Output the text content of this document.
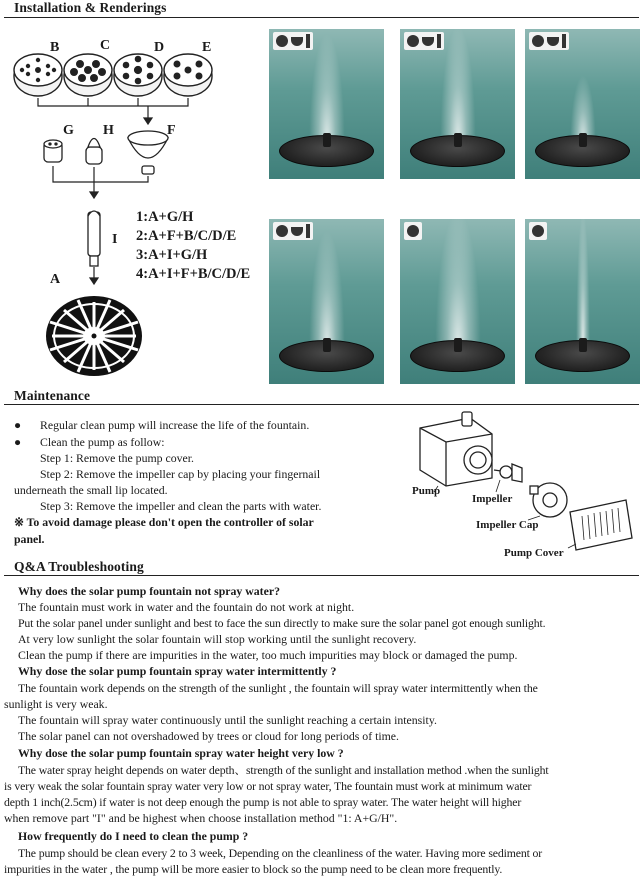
Installation & Renderings
B	C	D	E
G H	F
I
A
1:A+G/H
2:A+F+B/C/D/E
3:A+I+G/H
4:A+I+F+B/C/D/E
Maintenance
● Regular clean pump will increase the life of the fountain.
● Clean the pump as follow:
Step 1: Remove the pump cover.
Step 2: Remove the impeller cap by placing your fingernail
underneath the small lip located.
Step 3: Remove the impeller and clean the parts with water.
※ To avoid damage please don't open the controller of solar
panel.
Pump
Impeller
Impeller Cap
Pump Cover
Q&A Troubleshooting
Why does the solar pump fountain not spray water?
The fountain must work in water and the fountain do not work at night.
Put the solar panel under sunlight and best to face the sun directly to make sure the solar panel got enough sunlight.
At very low sunlight the solar fountain will stop working until the sunlight recovery.
Clean the pump if there are impurities in the water, too much impurities may block or damaged the pump.
Why dose the solar pump fountain spray water intermittently ?
The fountain work depends on the strength of the sunlight , the fountain will spray water intermittently when the
sunlight is very weak.
The fountain will spray water continuously until the sunlight reaching a certain intensity.
The solar panel can not overshadowed by trees or cloud for long periods of time.
Why dose the solar pump fountain spray water height very low ?
The water spray height depends on water depth、strength of the sunlight and installation method .when the sunlight
is very weak the solar fountain spray water very low or not spray water, The fountain must work at minimum water
depth 1 inch(2.5cm) if water is not deep enough the pump is not able to spray water. The water height will higher
when remove part "I" and be highest when choose installation method "1: A+G/H".
How frequently do I need to clean the pump ?
The pump should be clean every 2 to 3 week, Depending on the cleanliness of the water. Having more sediment or
impurities in the water , the pump will be more easier to block so the pump need to be clean more frequently.
